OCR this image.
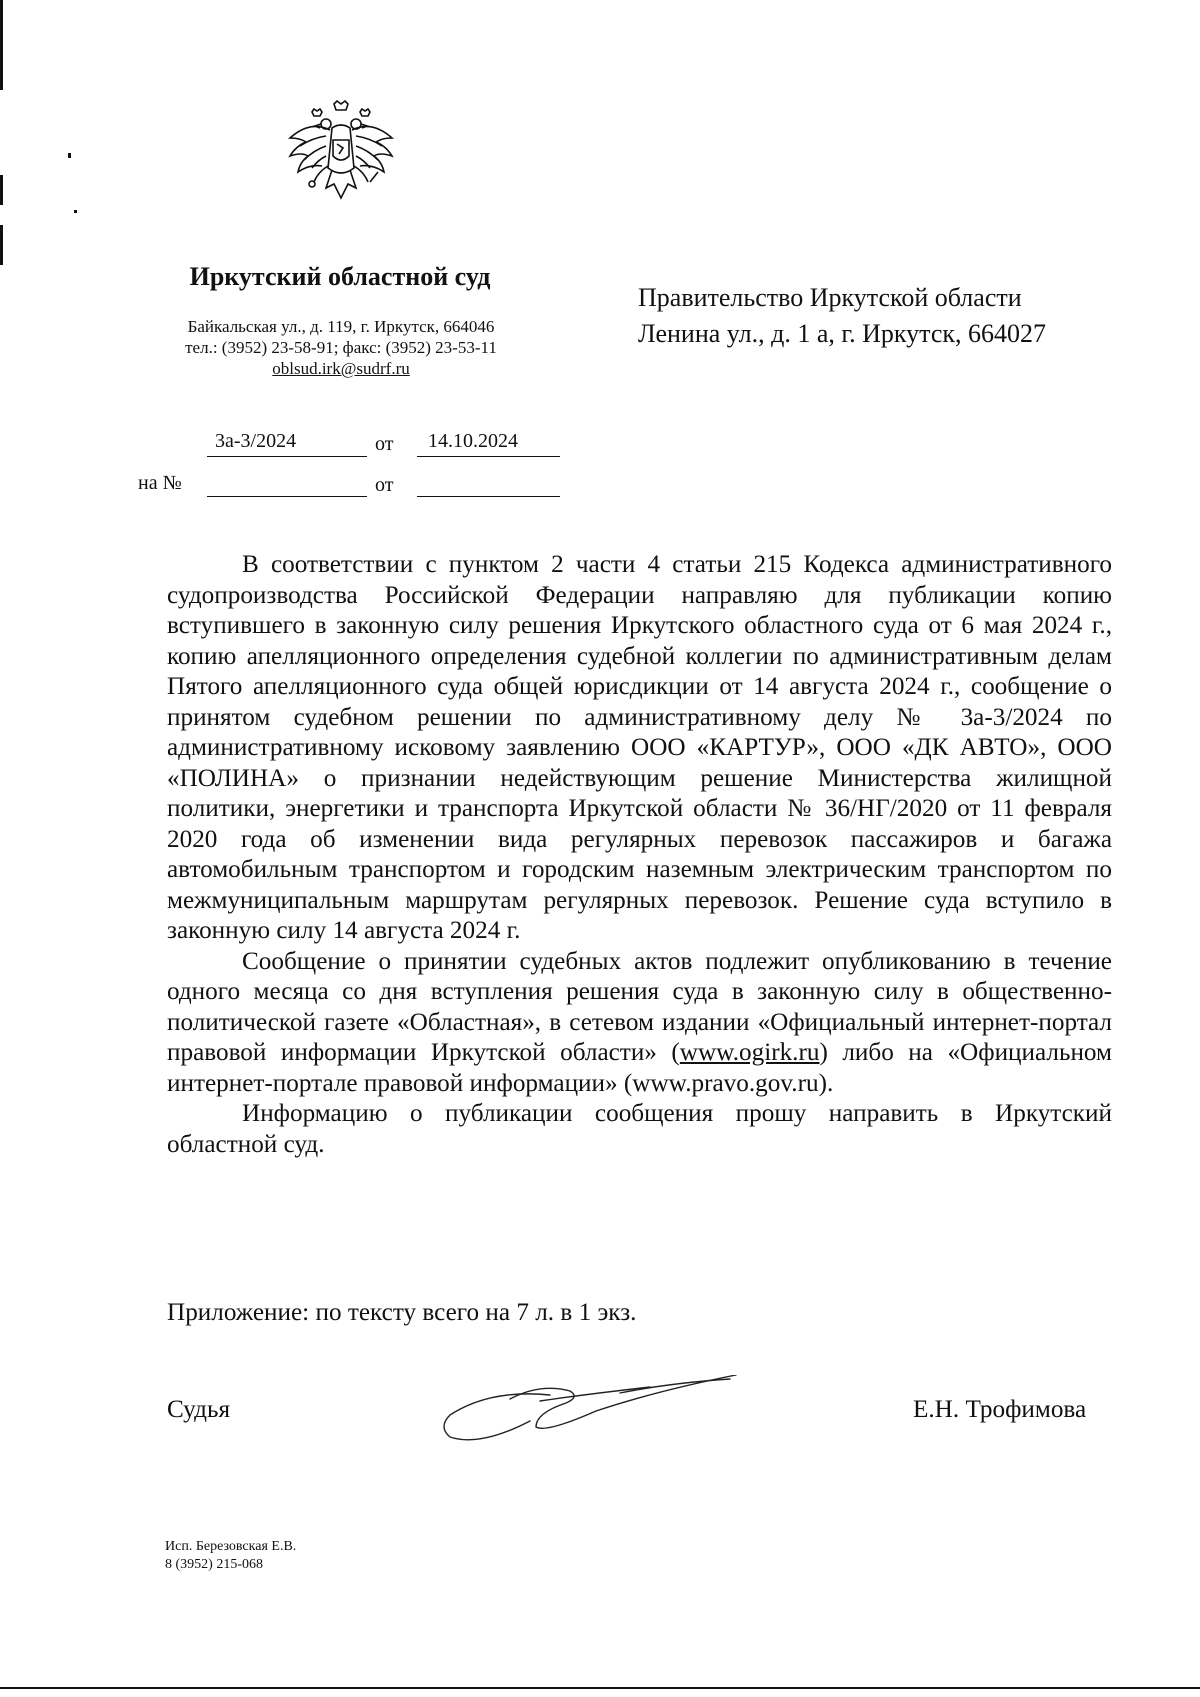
Иркутский областной суд
Байкальская ул., д. 119, г. Иркутск, 664046
тел.: (3952) 23-58-91; факс: (3952) 23-53-11
oblsud.irk@sudrf.ru
Правительство Иркутской области
Ленина ул., д. 1 а, г. Иркутск, 664027
3а-3/2024	от 14.10.2024
на №	от

В соответствии с пунктом 2 части 4 статьи 215 Кодекса административного судопроизводства Российской Федерации направляю для публикации копию вступившего в законную силу решения Иркутского областного суда от 6 мая 2024 г., копию апелляционного определения судебной коллегии по административным делам Пятого апелляционного суда общей юрисдикции от 14 августа 2024 г., сообщение о принятом судебном решении по административному делу № 3а-3/2024 по административному исковому заявлению ООО «КАРТУР», ООО «ДК АВТО», ООО «ПОЛИНА» о признании недействующим решение Министерства жилищной политики, энергетики и транспорта Иркутской области № 36/НГ/2020 от 11 февраля 2020 года об изменении вида регулярных перевозок пассажиров и багажа автомобильным транспортом и городским наземным электрическим транспортом по межмуниципальным маршрутам регулярных перевозок. Решение суда вступило в законную силу 14 августа 2024 г.

Сообщение о принятии судебных актов подлежит опубликованию в течение одного месяца со дня вступления решения суда в законную силу в общественно-политической газете «Областная», в сетевом издании «Официальный интернет-портал правовой информации Иркутской области» (www.ogirk.ru) либо на «Официальном интернет-портале правовой информации» (www.pravo.gov.ru).

Информацию о публикации сообщения прошу направить в Иркутский областной суд.

Приложение: по тексту всего на 7 л. в 1 экз.
Судья	Е.Н. Трофимова
Исп. Березовская Е.В.
8 (3952) 215-068
